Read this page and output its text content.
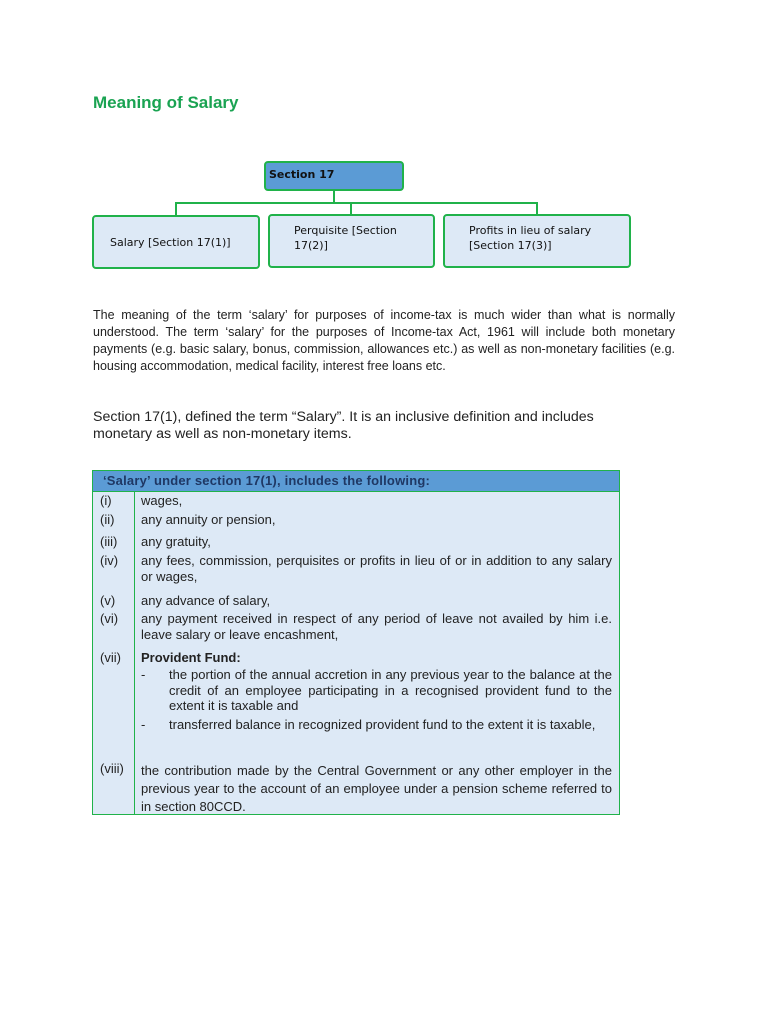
Meaning of Salary
Section 17
Salary [Section 17(1)]
Perquisite [Section 17(2)]
Profits in lieu of salary [Section 17(3)]
The meaning of the term ‘salary’ for purposes of income-tax is much wider than what is normally understood. The term ‘salary’ for the purposes of Income-tax Act, 1961 will include both monetary payments (e.g. basic salary, bonus, commission, allowances etc.) as well as non-monetary facilities (e.g. housing accommodation, medical facility, interest free loans etc.
Section 17(1), defined the term “Salary”. It is an inclusive definition and includes monetary as well as non-monetary items.
‘Salary’ under section 17(1), includes the following:
(i) wages,
(ii) any annuity or pension,
(iii) any gratuity,
(iv) any fees, commission, perquisites or profits in lieu of or in addition to any salary or wages,
(v) any advance of salary,
(vi) any payment received in respect of any period of leave not availed by him i.e. leave salary or leave encashment,
(vii) Provident Fund:
- the portion of the annual accretion in any previous year to the balance at the credit of an employee participating in a recognised provident fund to the extent it is taxable and
- transferred balance in recognized provident fund to the extent it is taxable,
(viii) the contribution made by the Central Government or any other employer in the previous year to the account of an employee under a pension scheme referred to in section 80CCD.
